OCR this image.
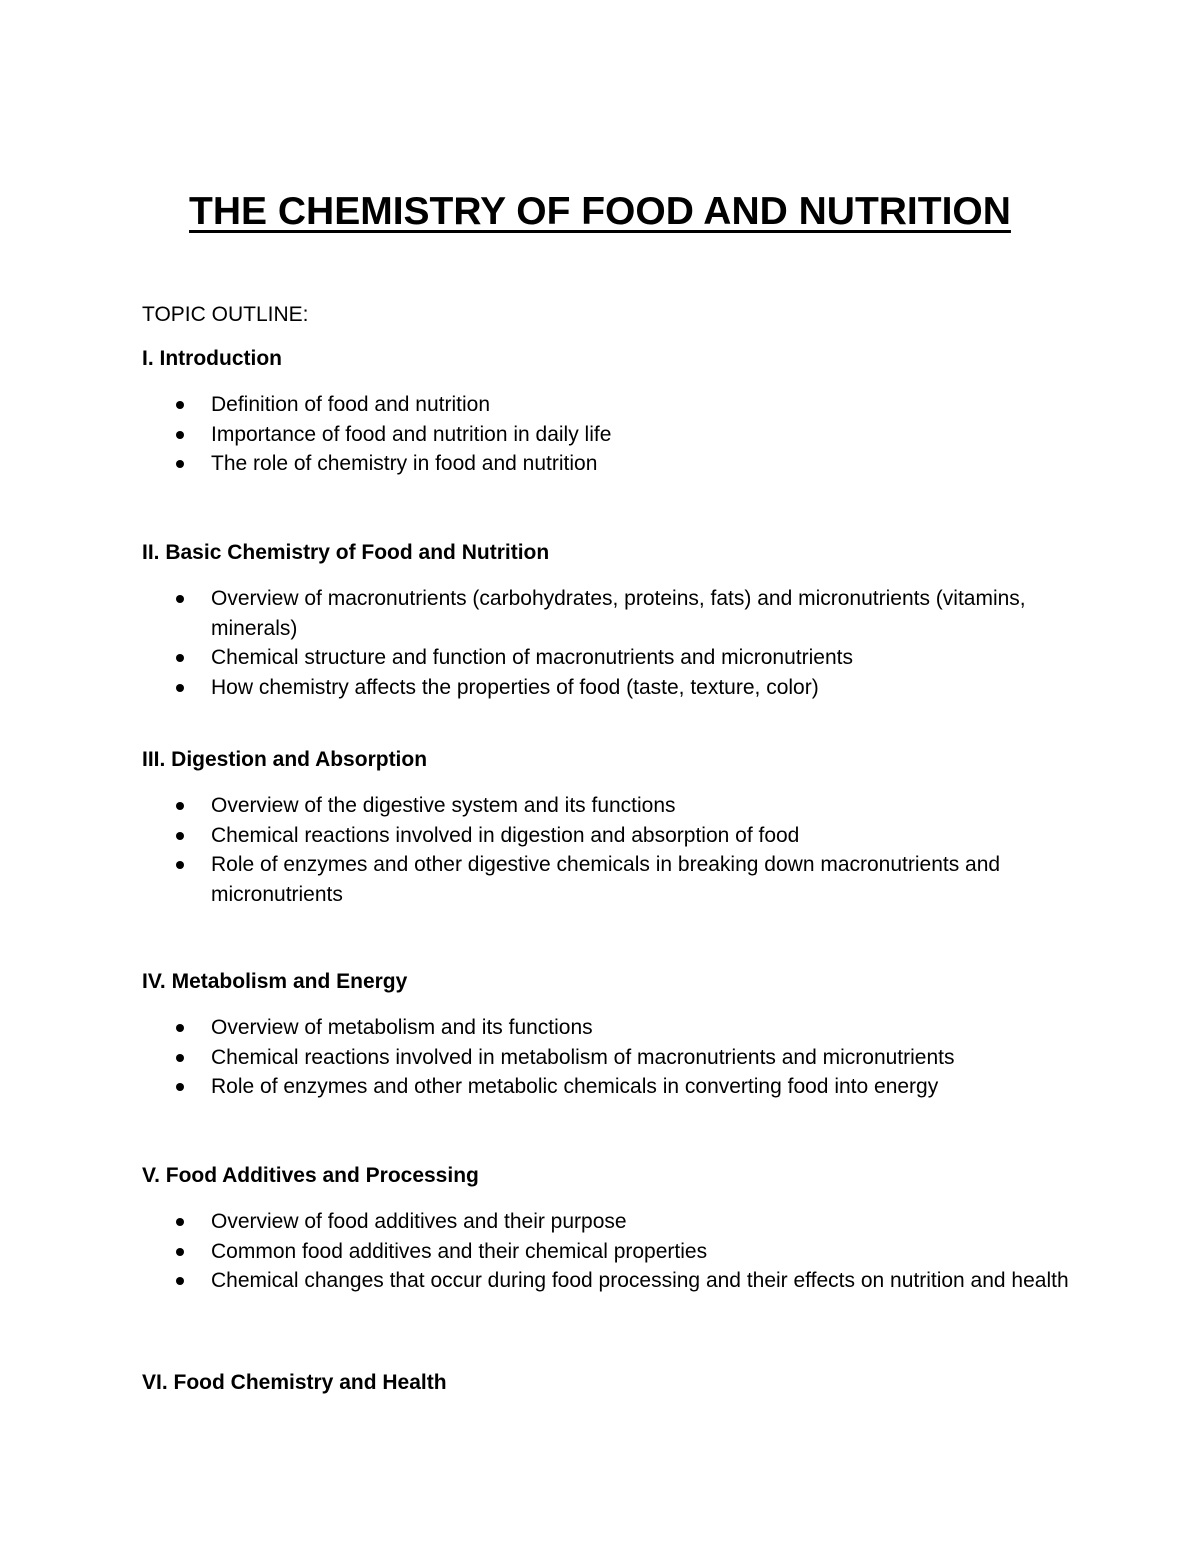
THE CHEMISTRY OF FOOD AND NUTRITION
TOPIC OUTLINE:
I. Introduction
Definition of food and nutrition
Importance of food and nutrition in daily life
The role of chemistry in food and nutrition
II. Basic Chemistry of Food and Nutrition
Overview of macronutrients (carbohydrates, proteins, fats) and micronutrients (vitamins, minerals)
Chemical structure and function of macronutrients and micronutrients
How chemistry affects the properties of food (taste, texture, color)
III. Digestion and Absorption
Overview of the digestive system and its functions
Chemical reactions involved in digestion and absorption of food
Role of enzymes and other digestive chemicals in breaking down macronutrients and micronutrients
IV. Metabolism and Energy
Overview of metabolism and its functions
Chemical reactions involved in metabolism of macronutrients and micronutrients
Role of enzymes and other metabolic chemicals in converting food into energy
V. Food Additives and Processing
Overview of food additives and their purpose
Common food additives and their chemical properties
Chemical changes that occur during food processing and their effects on nutrition and health
VI. Food Chemistry and Health
